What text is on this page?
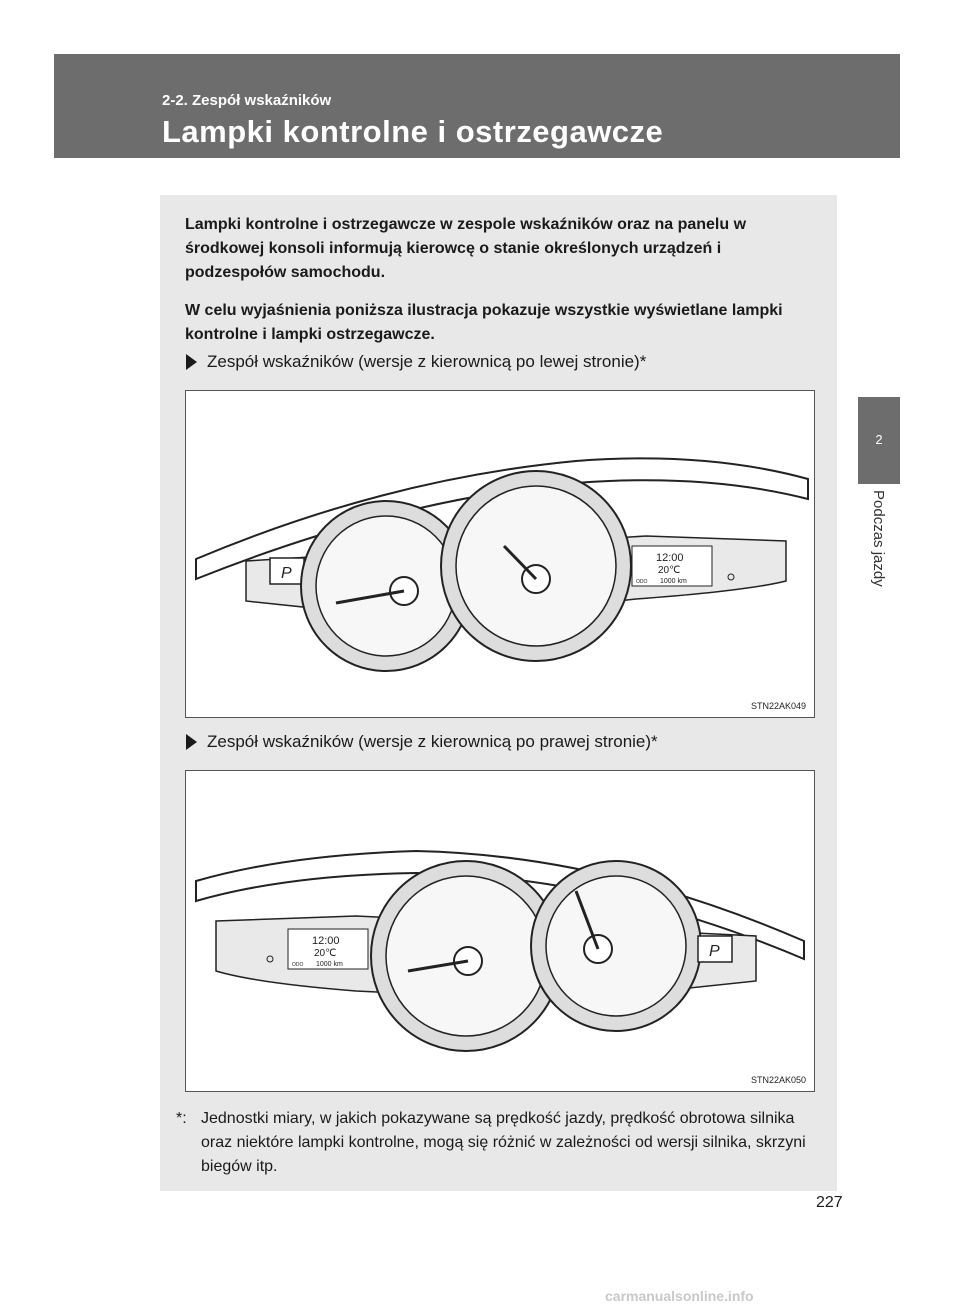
2-2. Zespół wskaźników
Lampki kontrolne i ostrzegawcze
2
Podczas jazdy

Lampki kontrolne i ostrzegawcze w zespole wskaźników oraz na panelu w środkowej konsoli informują kierowcę o stanie określonych urządzeń i podzespołów samochodu.

W celu wyjaśnienia poniższa ilustracja pokazuje wszystkie wyświetlane lampki kontrolne i lampki ostrzegawcze.

Zespół wskaźników (wersje z kierownicą po lewej stronie)*
P
12:00
20℃
ODO 1000 km
STN22AK049
Zespół wskaźników (wersje z kierownicą po prawej stronie)*
12:00
20℃
ODO 1000 km
P
STN22AK050
*: Jednostki miary, w jakich pokazywane są prędkość jazdy, prędkość obrotowa silnika oraz niektóre lampki kontrolne, mogą się różnić w zależności od wersji silnika, skrzyni biegów itp.
227
carmanualsonline.info
